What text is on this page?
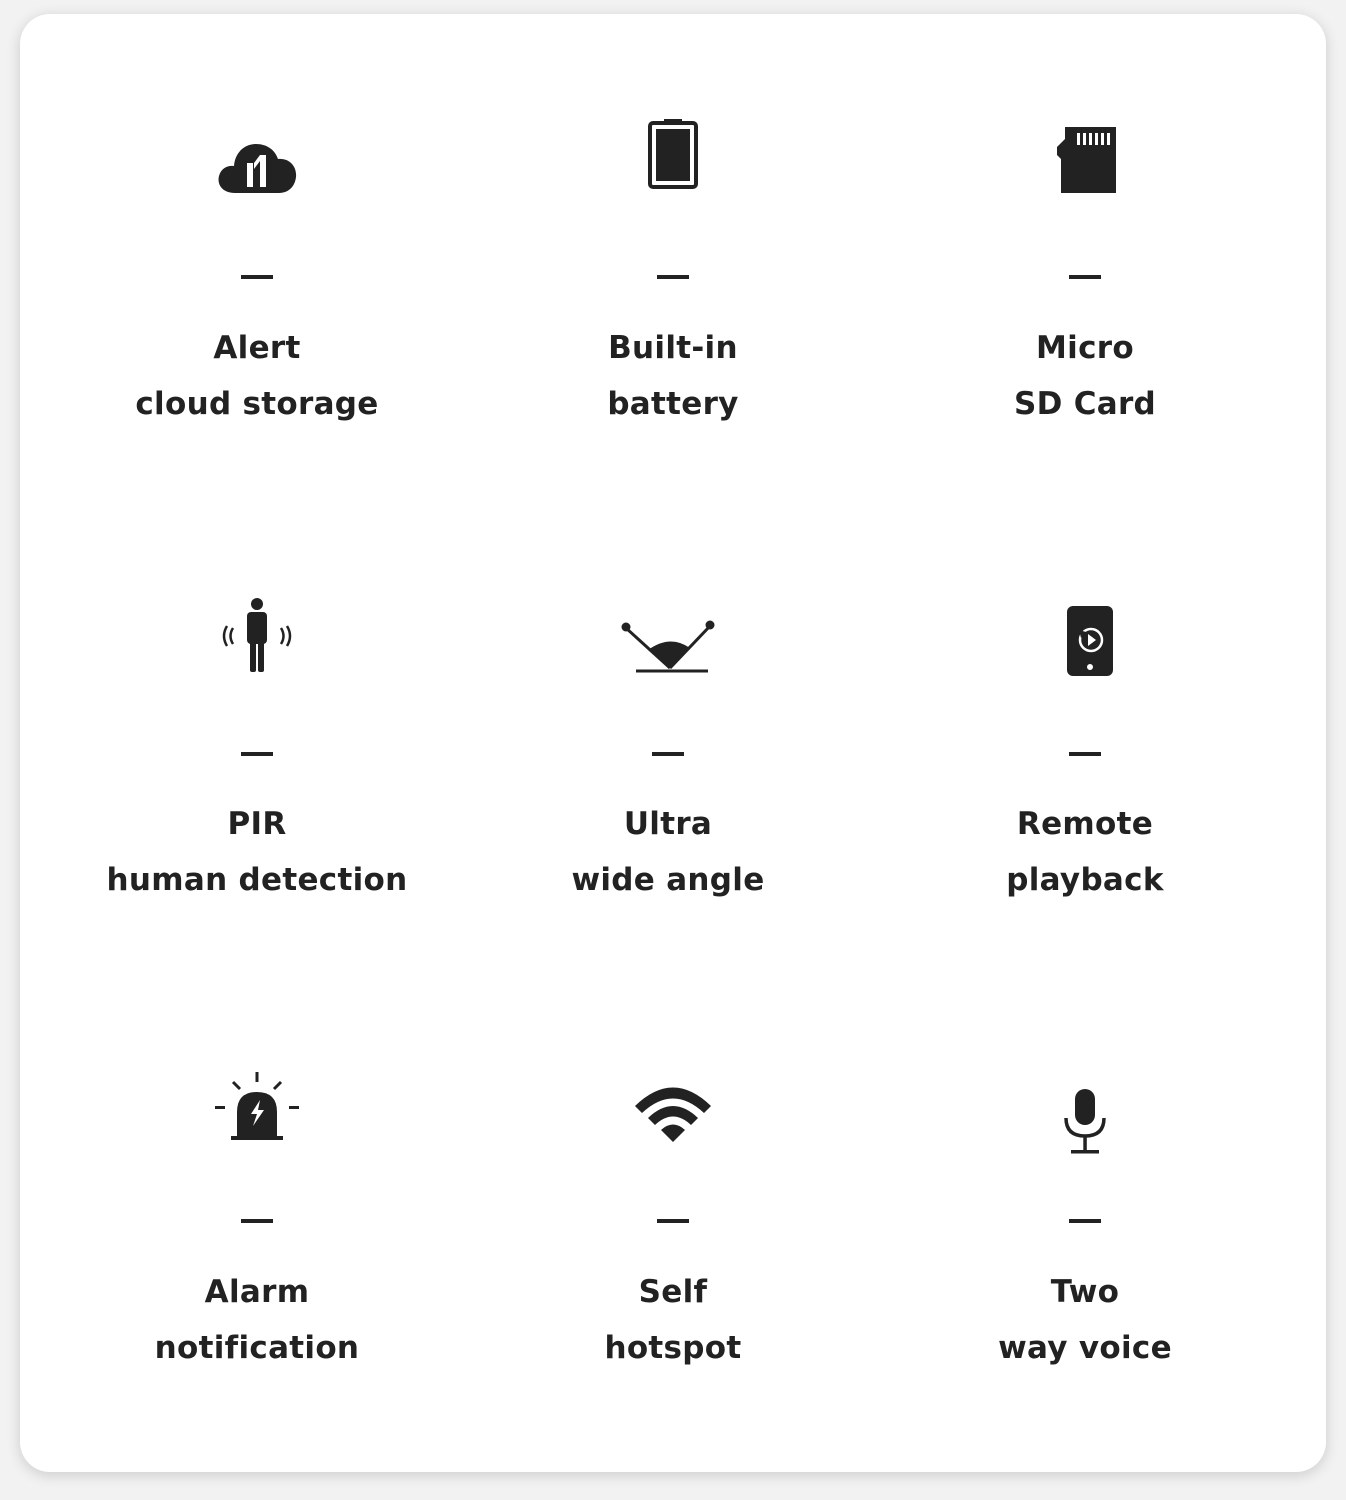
Alert
cloud storage
Built-in
battery
Micro
SD Card
PIR
human detection
Ultra
wide angle
Remote
playback
Alarm
notification
Self
hotspot
Two
way voice
